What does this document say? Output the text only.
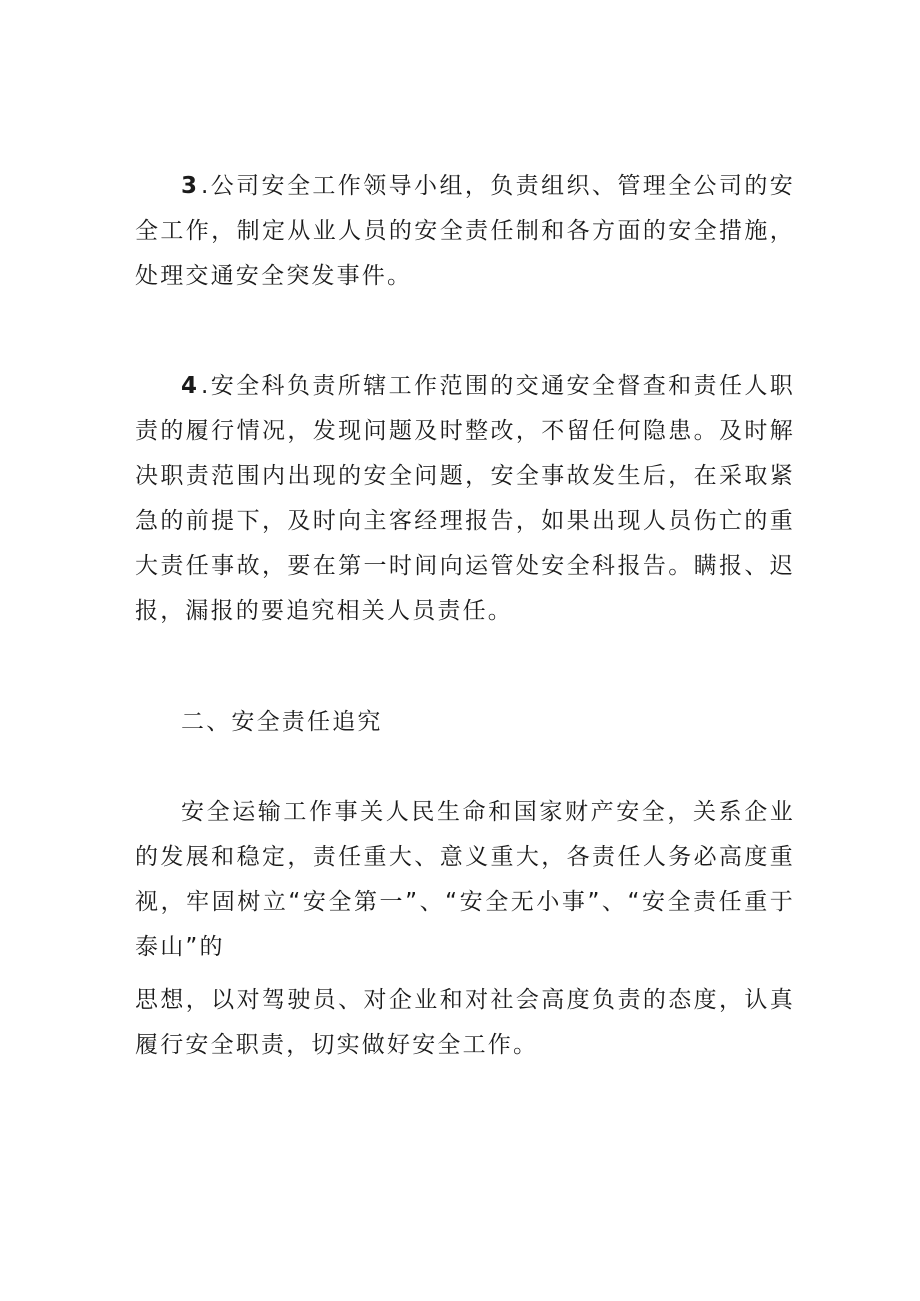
3.公司安全工作领导小组，负责组织、管理全公司的安全工作，制定从业人员的安全责任制和各方面的安全措施，处理交通安全突发事件。

4.安全科负责所辖工作范围的交通安全督查和责任人职责的履行情况，发现问题及时整改，不留任何隐患。及时解决职责范围内出现的安全问题，安全事故发生后，在采取紧急的前提下，及时向主客经理报告，如果出现人员伤亡的重大责任事故，要在第一时间向运管处安全科报告。瞒报、迟报，漏报的要追究相关人员责任。

二、安全责任追究

安全运输工作事关人民生命和国家财产安全，关系企业的发展和稳定，责任重大、意义重大，各责任人务必高度重视，牢固树立“安全第一”、“安全无小事”、“安全责任重于泰山”的

思想，以对驾驶员、对企业和对社会高度负责的态度，认真履行安全职责，切实做好安全工作。
